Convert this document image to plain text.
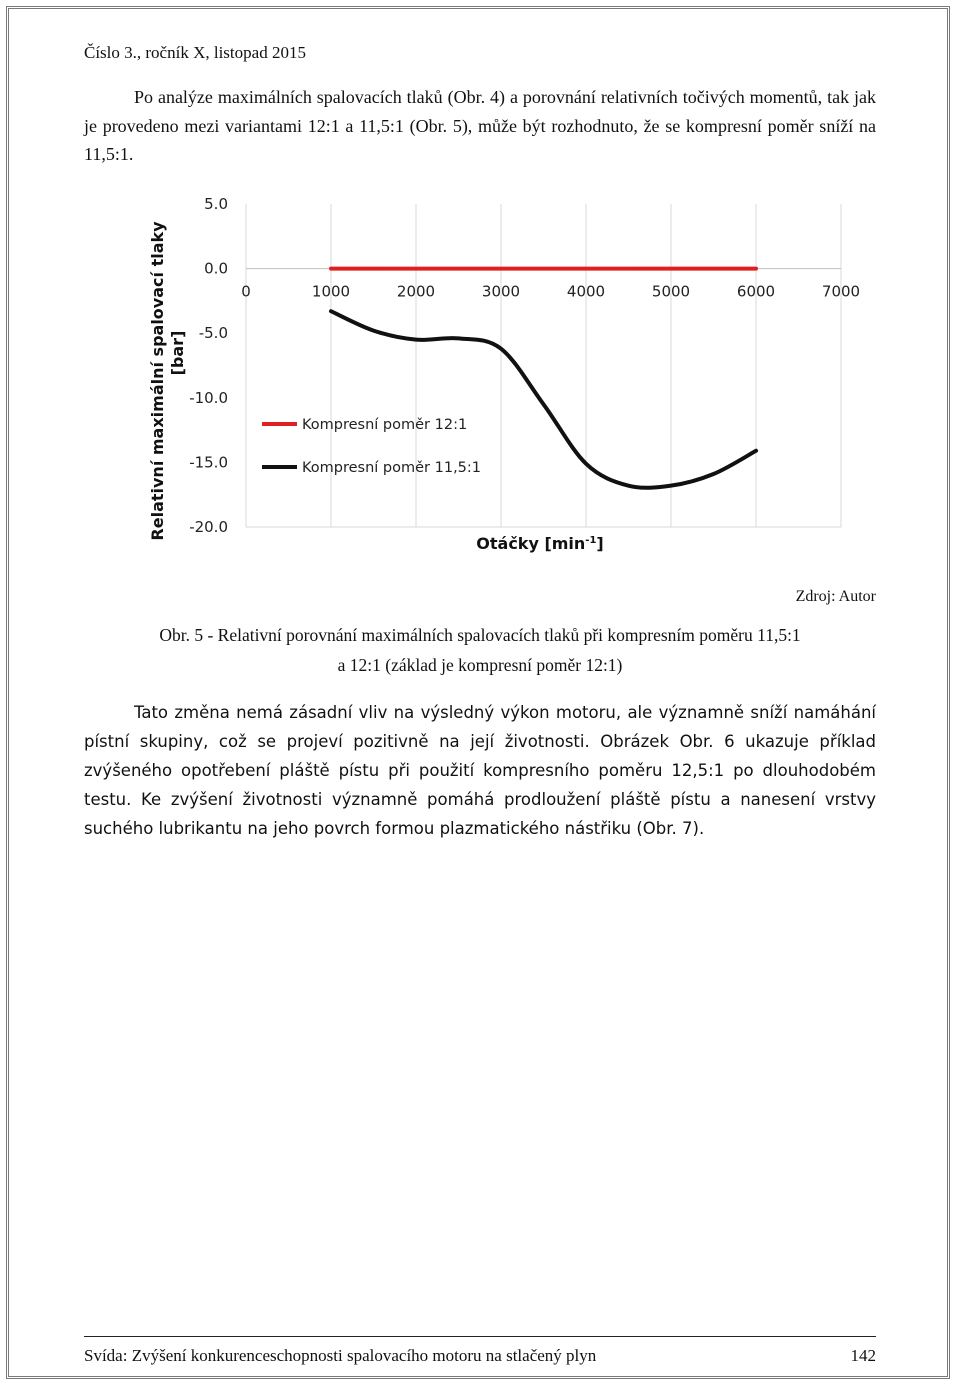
Číslo 3., ročník X, listopad 2015

Po analýze maximálních spalovacích tlaků (Obr. 4) a porovnání relativních točivých momentů, tak jak je provedeno mezi variantami 12:1 a 11,5:1 (Obr. 5), může být rozhodnuto, že se kompresní poměr sníží na 11,5:1.

0	1000	2000	3000	4000	5000	6000	7000
5.0
0.0
-5.0
-10.0
-15.0
-20.0
Relativní maximální spalovací tlaky [bar]
Otáčky $[\min^{-1}]$
Kompresní poměr 12:1
Kompresní poměr 11,5:1
Zdroj: Autor
Obr. 5 - Relativní porovnání maximálních spalovacích tlaků při kompresním poměru 11,5:1
a 12:1 (základ je kompresní poměr 12:1)

Tato změna nemá zásadní vliv na výsledný výkon motoru, ale významně sníží namáhání pístní skupiny, což se projeví pozitivně na její životnosti. Obrázek Obr. 6 ukazuje příklad zvýšeného opotřebení pláště pístu při použití kompresního poměru 12,5:1 po dlouhodobém testu. Ke zvýšení životnosti významně pomáhá prodloužení pláště pístu a nanesení vrstvy suchého lubrikantu na jeho povrch formou plazmatického nástřiku (Obr. 7).

Svída: Zvýšení konkurenceschopnosti spalovacího motoru na stlačený plyn	142
